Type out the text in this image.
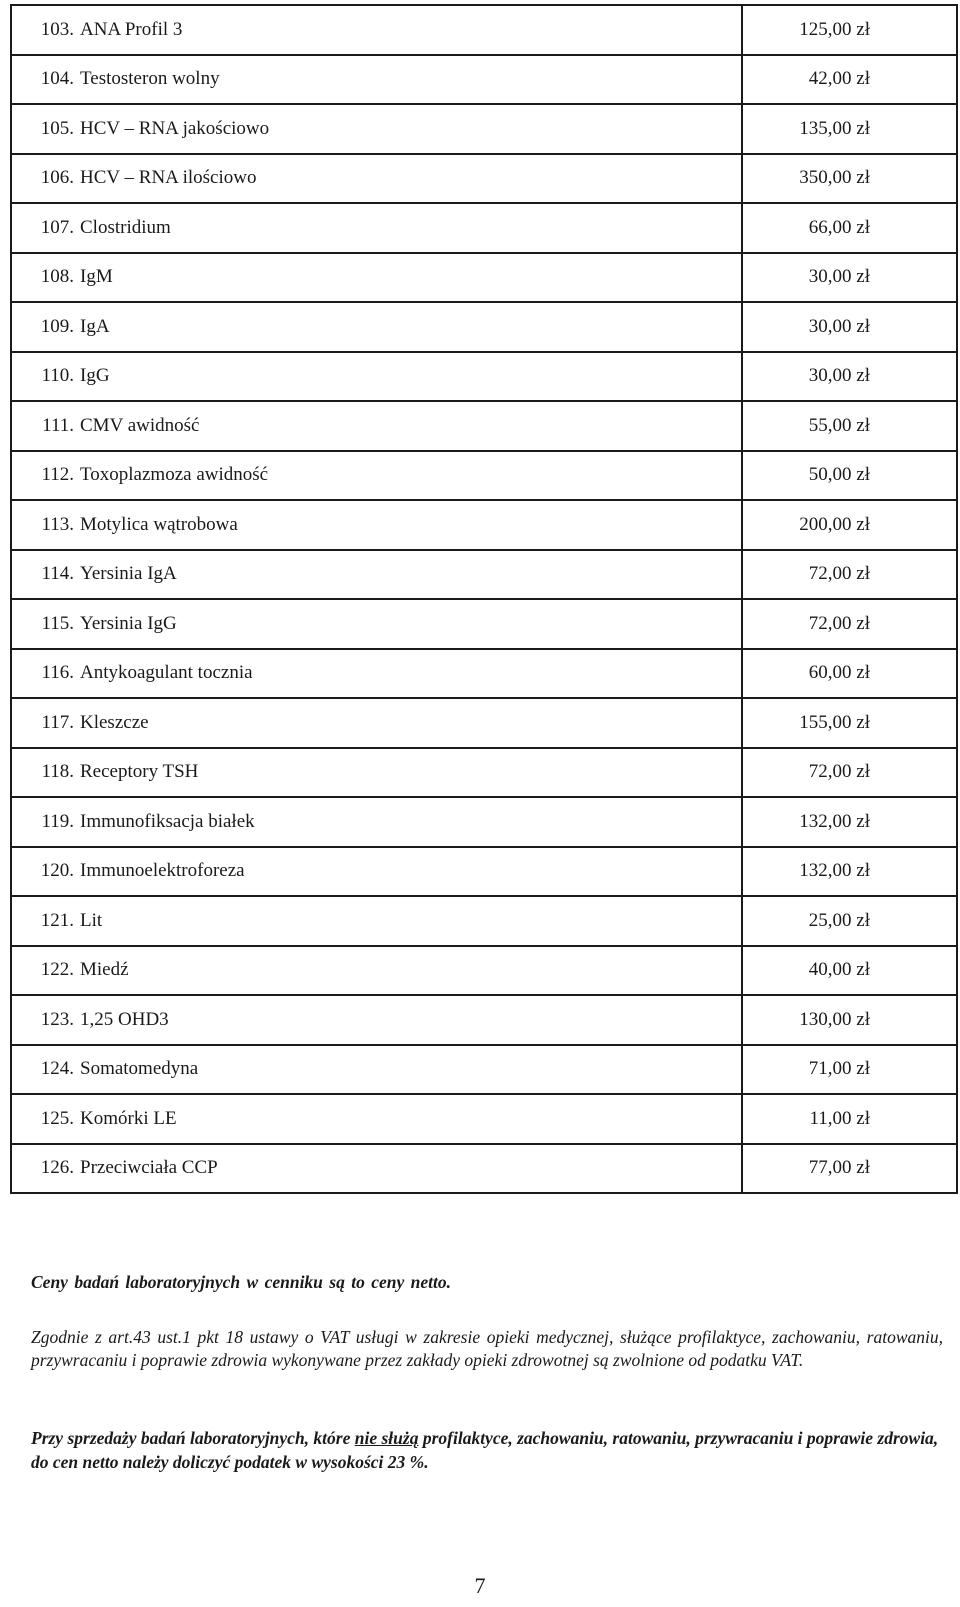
103.	ANA Profil 3	125,00 zł
104.	Testosteron wolny	42,00 zł
105.	HCV – RNA jakościowo	135,00 zł
106.	HCV – RNA ilościowo	350,00 zł
107.	Clostridium	66,00 zł
108.	IgM	30,00 zł
109.	IgA	30,00 zł
110.	IgG	30,00 zł
111.	CMV awidność	55,00 zł
112.	Toxoplazmoza awidność	50,00 zł
113.	Motylica wątrobowa	200,00 zł
114.	Yersinia IgA	72,00 zł
115.	Yersinia IgG	72,00 zł
116.	Antykoagulant tocznia	60,00 zł
117.	Kleszcze	155,00 zł
118.	Receptory TSH	72,00 zł
119.	Immunofiksacja białek	132,00 zł
120.	Immunoelektroforeza	132,00 zł
121.	Lit	25,00 zł
122.	Miedź	40,00 zł
123.	1,25 OHD3	130,00 zł
124.	Somatomedyna	71,00 zł
125.	Komórki LE	11,00 zł
126.	Przeciwciała CCP	77,00 zł
Ceny badań laboratoryjnych w cenniku są to ceny netto.
Zgodnie z art.43 ust.1 pkt 18 ustawy o VAT usługi w zakresie opieki medycznej, służące profilaktyce, zachowaniu, ratowaniu, przywracaniu i poprawie zdrowia wykonywane przez zakłady opieki zdrowotnej są zwolnione od podatku VAT.
Przy sprzedaży badań laboratoryjnych, które nie służą profilaktyce, zachowaniu, ratowaniu, przywracaniu i poprawie zdrowia, do cen netto należy doliczyć podatek w wysokości 23 %.
7
